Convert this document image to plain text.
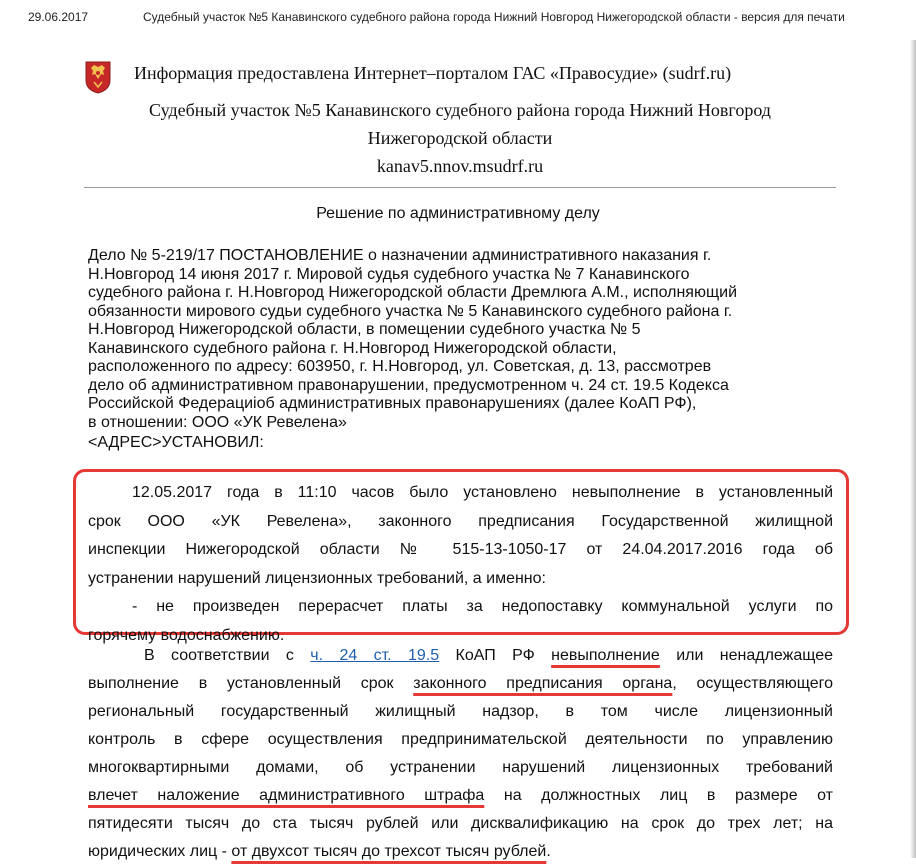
29.06.2017	Судебный участок №5 Канавинского судебного района города Нижний Новгород Нижегородской области - версия для печати
Информация предоставлена Интернет–порталом ГАС «Правосудие» (sudrf.ru)
Судебный участок №5 Канавинского судебного района города Нижний Новгород
Нижегородской области
kanav5.nnov.msudrf.ru
Решение по административному делу
Дело № 5-219/17 ПОСТАНОВЛЕНИЕ о назначении административного наказания г.
Н.Новгород 14 июня 2017 г. Мировой судья судебного участка № 7 Канавинского
судебного района г. Н.Новгород Нижегородской области Дремлюга А.М., исполняющий
обязанности мирового судьи судебного участка № 5 Канавинского судебного района г.
Н.Новгород Нижегородской области, в помещении судебного участка № 5
Канавинского судебного района г. Н.Новгород Нижегородской области,
расположенного по адресу: 603950, г. Н.Новгород, ул. Советская, д. 13, рассмотрев
дело об административном правонарушении, предусмотренном ч. 24 ст. 19.5 Кодекса
Российской Федерациioб административных правонарушениях (далее КоАП РФ),
в отношении: ООО «УК Ревелена»
<АДРЕС>УСТАНОВИЛ:
12.05.2017 года в 11:10 часов было установлено невыполнение в установленный
срок ООО «УК Ревелена», законного предписания Государственной жилищной
инспекции Нижегородской области № 515-13-1050-17 от 24.04.2017.2016 года об
устранении нарушений лицензионных требований, а именно:
- не произведен перерасчет платы за недопоставку коммунальной услуги по
горячему водоснабжению.
В соответствии с ч. 24 ст. 19.5 КоАП РФ невыполнение или ненадлежащее
выполнение в установленный срок законного предписания органа, осуществляющего
региональный государственный жилищный надзор, в том числе лицензионный
контроль в сфере осуществления предпринимательской деятельности по управлению
многоквартирными домами, об устранении нарушений лицензионных требований
влечет наложение административного штрафа на должностных лиц в размере от
пятидесяти тысяч до ста тысяч рублей или дисквалификацию на срок до трех лет; на
юридических лиц - от двухсот тысяч до трехсот тысяч рублей.
